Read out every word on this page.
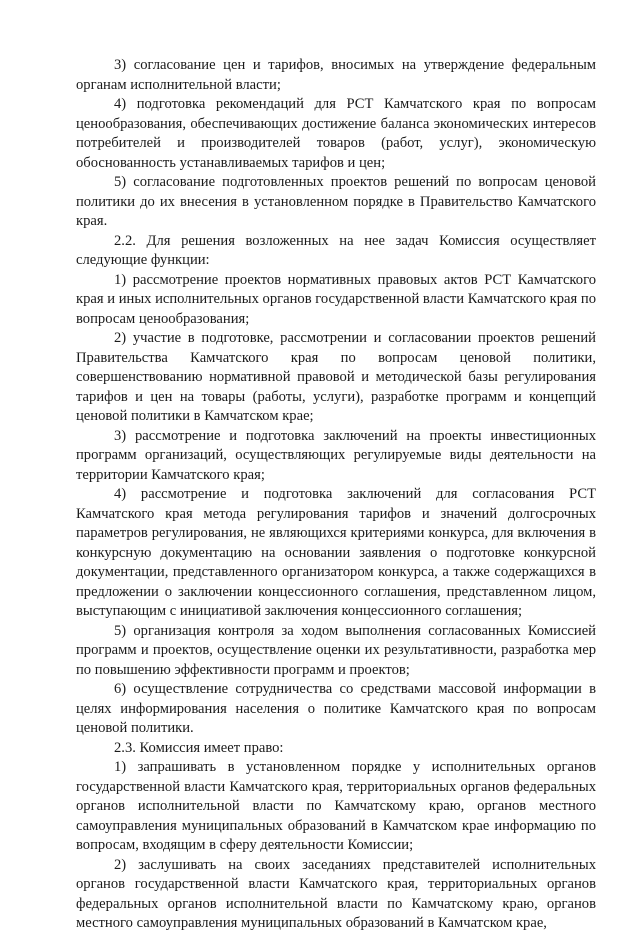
3) согласование цен и тарифов, вносимых на утверждение федеральным органам исполнительной власти;

4) подготовка рекомендаций для РСТ Камчатского края по вопросам ценообразования, обеспечивающих достижение баланса экономических интересов потребителей и производителей товаров (работ, услуг), экономическую обоснованность устанавливаемых тарифов и цен;

5) согласование подготовленных проектов решений по вопросам ценовой политики до их внесения в установленном порядке в Правительство Камчатского края.

2.2. Для решения возложенных на нее задач Комиссия осуществляет следующие функции:

1) рассмотрение проектов нормативных правовых актов РСТ Камчатского края и иных исполнительных органов государственной власти Камчатского края по вопросам ценообразования;

2) участие в подготовке, рассмотрении и согласовании проектов решений Правительства Камчатского края по вопросам ценовой политики, совершенствованию нормативной правовой и методической базы регулирования тарифов и цен на товары (работы, услуги), разработке программ и концепций ценовой политики в Камчатском крае;

3) рассмотрение и подготовка заключений на проекты инвестиционных программ организаций, осуществляющих регулируемые виды деятельности на территории Камчатского края;

4) рассмотрение и подготовка заключений для согласования РСТ Камчатского края метода регулирования тарифов и значений долгосрочных параметров регулирования, не являющихся критериями конкурса, для включения в конкурсную документацию на основании заявления о подготовке конкурсной документации, представленного организатором конкурса, а также содержащихся в предложении о заключении концессионного соглашения, представленном лицом, выступающим с инициативой заключения концессионного соглашения;

5) организация контроля за ходом выполнения согласованных Комиссией программ и проектов, осуществление оценки их результативности, разработка мер по повышению эффективности программ и проектов;

6) осуществление сотрудничества со средствами массовой информации в целях информирования населения о политике Камчатского края по вопросам ценовой политики.

2.3. Комиссия имеет право:

1) запрашивать в установленном порядке у исполнительных органов государственной власти Камчатского края, территориальных органов федеральных органов исполнительной власти по Камчатскому краю, органов местного самоуправления муниципальных образований в Камчатском крае информацию по вопросам, входящим в сферу деятельности Комиссии;

2) заслушивать на своих заседаниях представителей исполнительных органов государственной власти Камчатского края, территориальных органов федеральных органов исполнительной власти по Камчатскому краю, органов местного самоуправления муниципальных образований в Камчатском крае,
